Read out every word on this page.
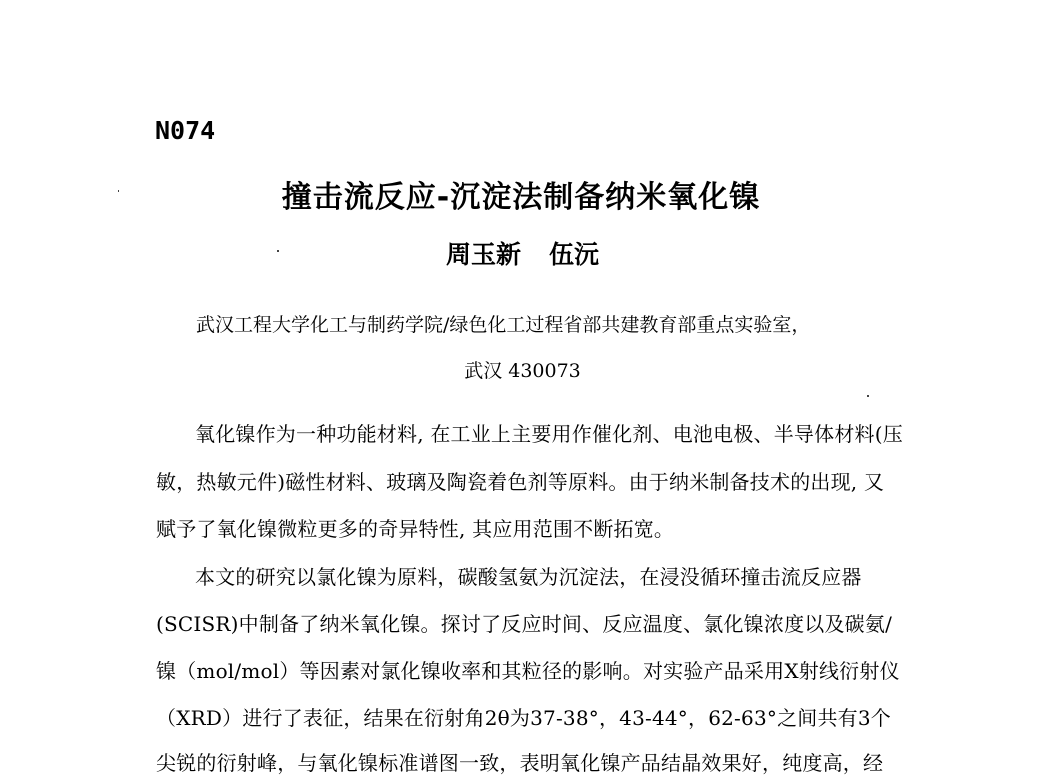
N074
撞击流反应-沉淀法制备纳米氧化镍
周玉新 伍沅
武汉工程大学化工与制药学院/绿色化工过程省部共建教育部重点实验室，
武汉 430073
氧化镍作为一种功能材料, 在工业上主要用作催化剂、电池电极、半导体材料(压
敏，热敏元件)磁性材料、玻璃及陶瓷着色剂等原料。由于纳米制备技术的出现, 又
赋予了氧化镍微粒更多的奇异特性, 其应用范围不断拓宽。
本文的研究以氯化镍为原料，碳酸氢氨为沉淀法，在浸没循环撞击流反应器
(SCISR)中制备了纳米氧化镍。探讨了反应时间、反应温度、氯化镍浓度以及碳氨/
镍（mol/mol）等因素对氯化镍收率和其粒径的影响。对实验产品采用X射线衍射仪
（XRD）进行了表征，结果在衍射角2θ为37-38°，43-44°，62-63°之间共有3个
尖锐的衍射峰，与氧化镍标准谱图一致，表明氧化镍产品结晶效果好，纯度高，经
